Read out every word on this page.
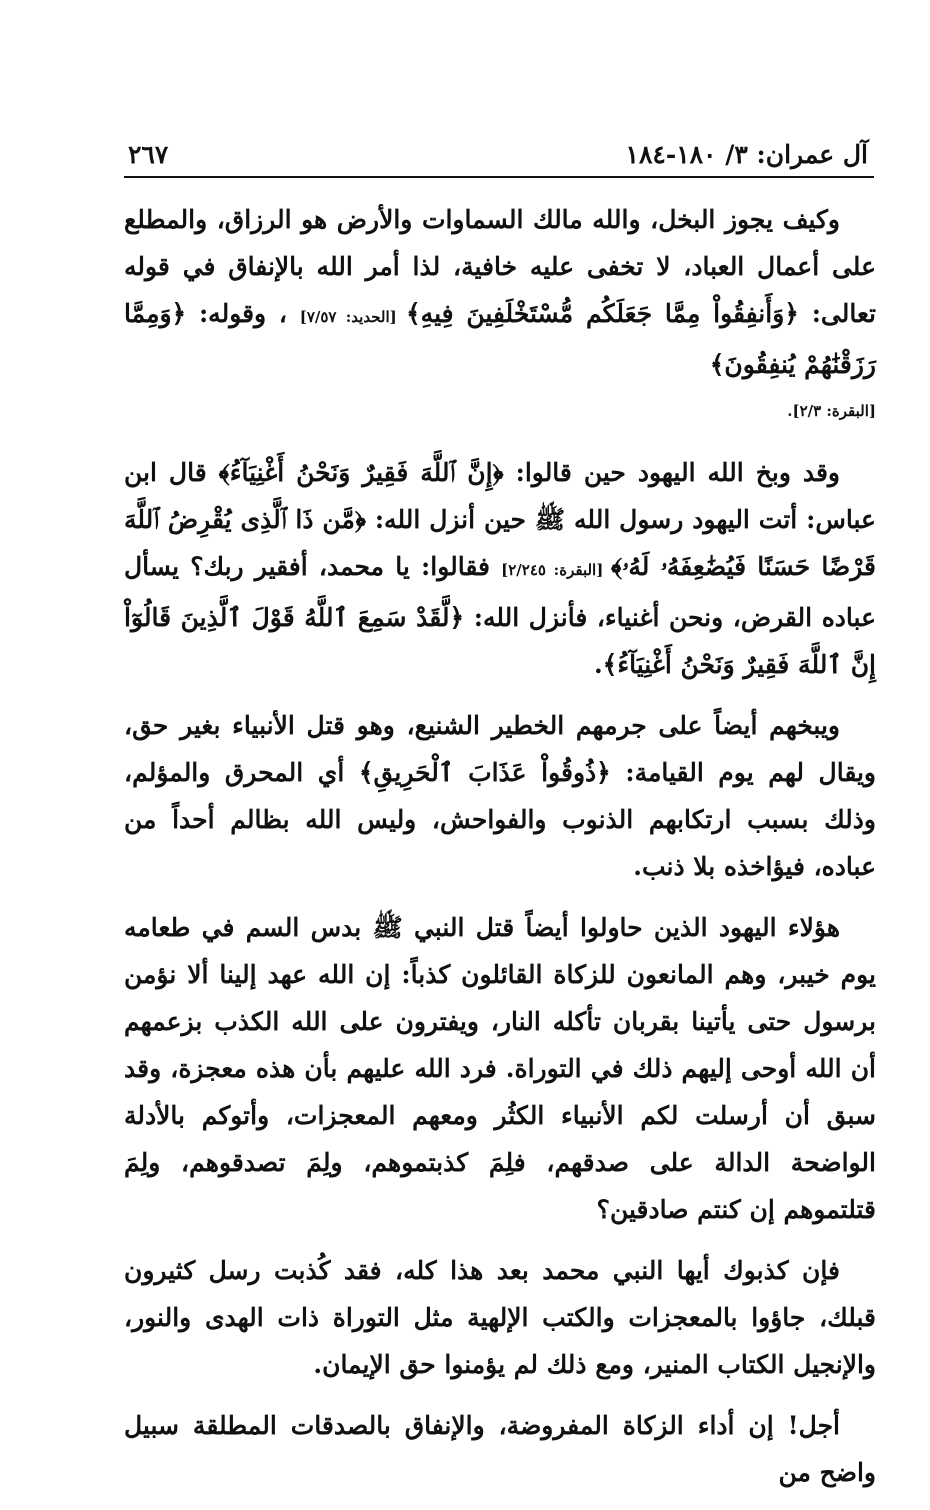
٢٦٧	آل عمران: ٣/ ١٨٠-١٨٤

وكيف يجوز البخل، والله مالك السماوات والأرض هو الرزاق، والمطلع على أعمال العباد، لا تخفى عليه خافية، لذا أمر الله بالإنفاق في قوله تعالى: ﴿وَأَنفِقُواْ مِمَّا جَعَلَكُم مُّسْتَخْلَفِينَ فِيهِ﴾ [الحديد: ٧/٥٧] ، وقوله: ﴿وَمِمَّا رَزَقْنَٰهُمْ يُنفِقُونَ﴾
[البقرة: ٢/٣].

وقد وبخ الله اليهود حين قالوا: ﴿إِنَّ ٱللَّهَ فَقِيرٌ وَنَحْنُ أَغْنِيَآءُ﴾ قال ابن عباس: أتت اليهود رسول الله ﷺ حين أنزل الله: ﴿مَّن ذَا ٱلَّذِى يُقْرِضُ ٱللَّهَ قَرْضًا حَسَنًا فَيُضَٰعِفَهُۥ لَهُۥ﴾ [البقرة: ٢/٢٤٥] فقالوا: يا محمد، أفقير ربك؟ يسأل عباده القرض، ونحن أغنياء، فأنزل الله: ﴿لَّقَدْ سَمِعَ ٱللَّهُ قَوْلَ ٱلَّذِينَ قَالُوٓاْ إِنَّ ٱللَّهَ فَقِيرٌ وَنَحْنُ أَغْنِيَآءُ﴾.

ويبخهم أيضاً على جرمهم الخطير الشنيع، وهو قتل الأنبياء بغير حق، ويقال لهم يوم القيامة: ﴿ذُوقُواْ عَذَابَ ٱلْحَرِيقِ﴾ أي المحرق والمؤلم، وذلك بسبب ارتكابهم الذنوب والفواحش، وليس الله بظالم أحداً من عباده، فيؤاخذه بلا ذنب.

هؤلاء اليهود الذين حاولوا أيضاً قتل النبي ﷺ بدس السم في طعامه يوم خيبر، وهم المانعون للزكاة القائلون كذباً: إن الله عهد إلينا ألا نؤمن برسول حتى يأتينا بقربان تأكله النار، ويفترون على الله الكذب بزعمهم أن الله أوحى إليهم ذلك في التوراة. فرد الله عليهم بأن هذه معجزة، وقد سبق أن أرسلت لكم الأنبياء الكثُر ومعهم المعجزات، وأتوكم بالأدلة الواضحة الدالة على صدقهم، فلِمَ كذبتموهم، ولِمَ تصدقوهم، ولِمَ قتلتموهم إن كنتم صادقين؟

فإن كذبوك أيها النبي محمد بعد هذا كله، فقد كُذبت رسل كثيرون قبلك، جاؤوا بالمعجزات والكتب الإلهية مثل التوراة ذات الهدى والنور، والإنجيل الكتاب المنير، ومع ذلك لم يؤمنوا حق الإيمان.

أجل! إن أداء الزكاة المفروضة، والإنفاق بالصدقات المطلقة سبيل واضح من
